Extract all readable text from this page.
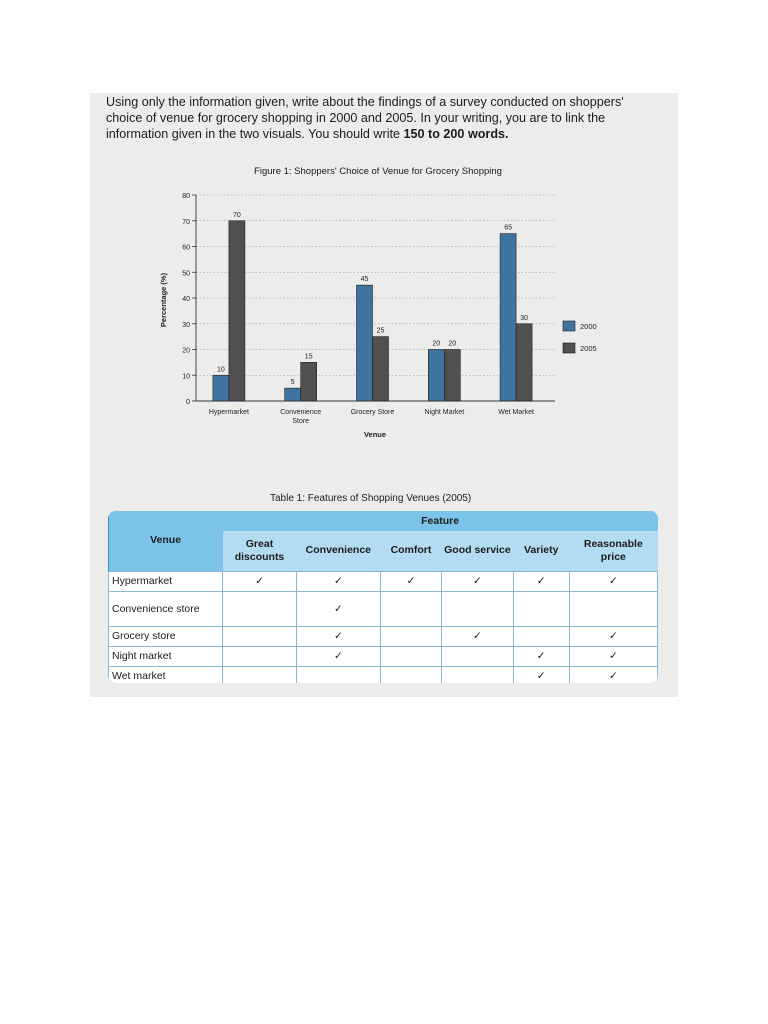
Using only the information given, write about the findings of a survey conducted on shoppers' choice of venue for grocery shopping in 2000 and 2005. In your writing, you are to link the information given in the two visuals. You should write 150 to 200 words.

Figure 1: Shoppers' Choice of Venue for Grocery Shopping
0
10
20
30
40
50
60
70
80
Percentage (%)
Venue
10
70
Hypermarket
5
15
Convenience
Store
45
25
Grocery Store
20 20
Night Market
65
30
Wet Market
2000
2005
Table 1: Features of Shopping Venues (2005)
Venue	Feature					
	Great discounts	Convenience	Comfort	Good service	Variety	Reasonable price
Hypermarket	✓	✓	✓	✓	✓	✓
Convenience store		✓				
Grocery store		✓		✓		✓
Night market		✓			✓	✓
Wet market					✓	✓
